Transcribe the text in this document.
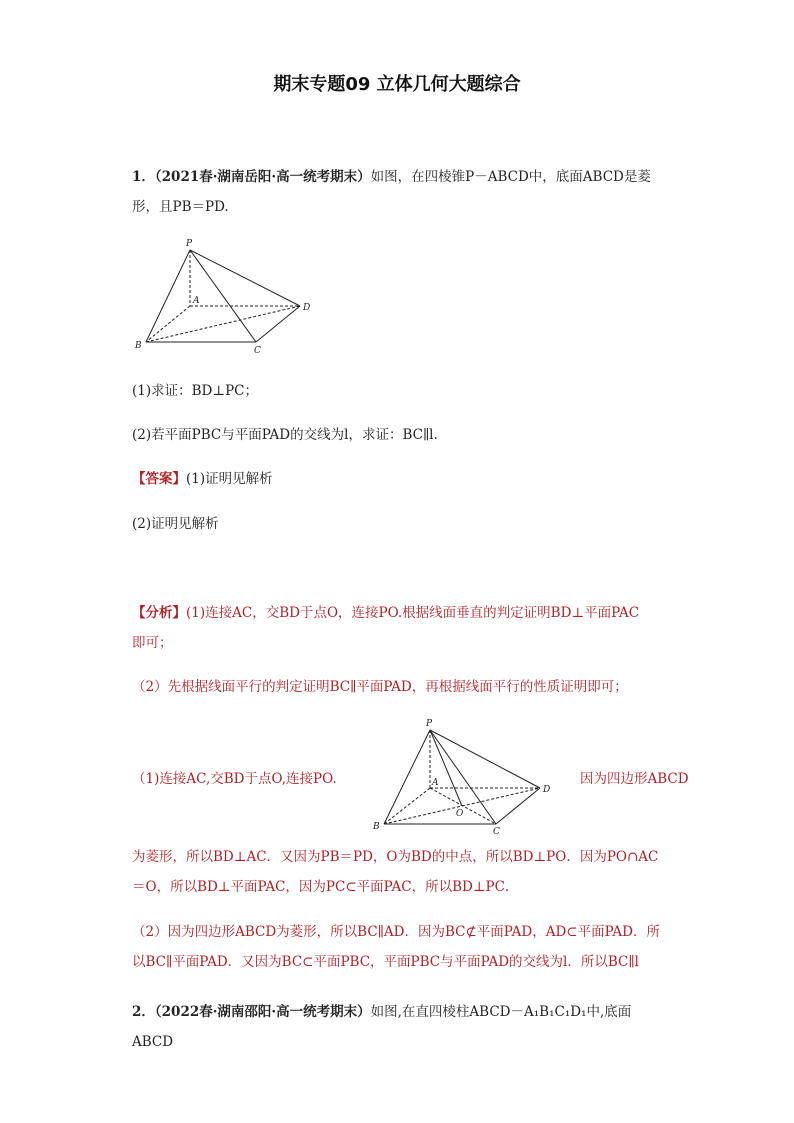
期末专题09 立体几何大题综合
1．（2021春·湖南岳阳·高一统考期末）如图，在四棱锥P－ABCD中，底面ABCD是菱
形，且PB＝PD.
P
A
D
B	C
(1)求证：BD⊥PC；
(2)若平面PBC与平面PAD的交线为l，求证：BC∥l.
【答案】(1)证明见解析
(2)证明见解析
【分析】(1)连接AC，交BD于点O，连接PO.根据线面垂直的判定证明BD⊥平面PAC
即可；
（2）先根据线面平行的判定证明BC∥平面PAD，再根据线面平行的性质证明即可；
（1)连接AC,交BD于点O,连接PO.
P
A
D
O
B	C
因为四边形ABCD
为菱形，所以BD⊥AC．又因为PB＝PD，O为BD的中点，所以BD⊥PO．因为PO∩AC
＝O，所以BD⊥平面PAC，因为PC⊂平面PAC，所以BD⊥PC．
（2）因为四边形ABCD为菱形，所以BC∥AD．因为BC⊄平面PAD，AD⊂平面PAD．所
以BC∥平面PAD．又因为BC⊂平面PBC，平面PBC与平面PAD的交线为l．所以BC∥l
2．（2022春·湖南邵阳·高一统考期末）如图,在直四棱柱ABCD－A₁B₁C₁D₁中,底面ABCD
